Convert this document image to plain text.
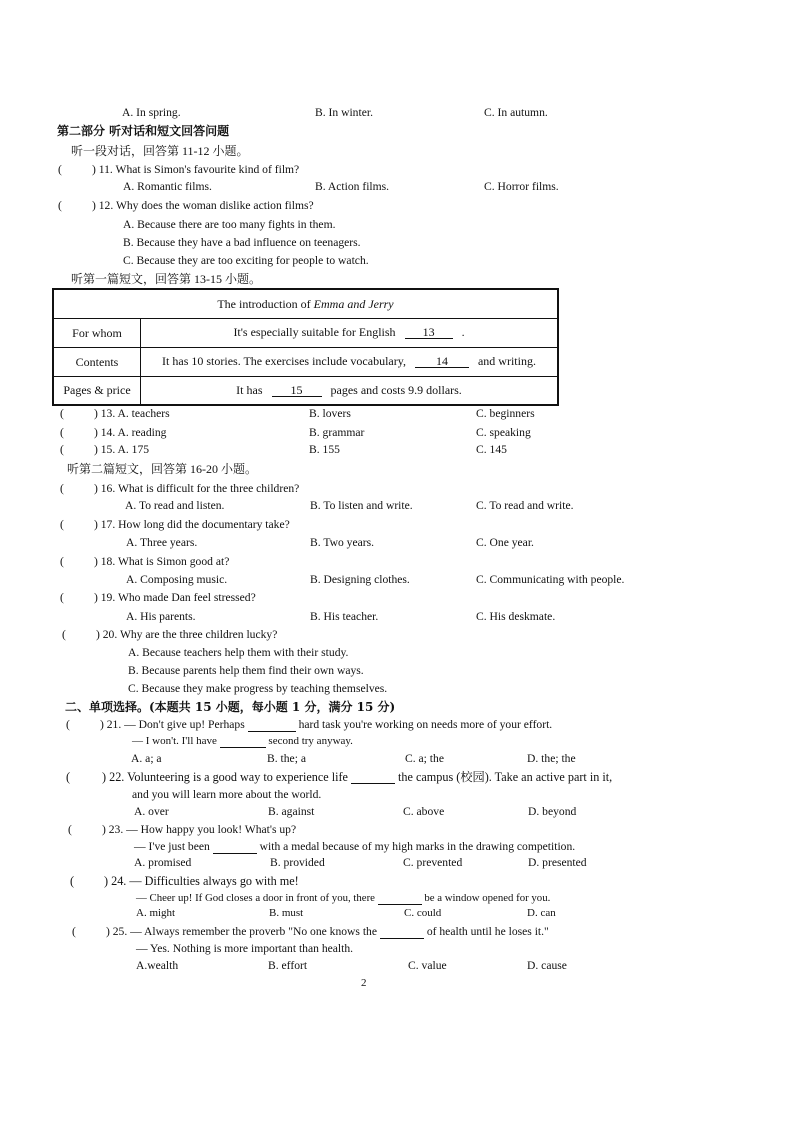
A. In spring.	B. In winter.	C. In autumn.
第二部分 听对话和短文回答问题
听一段对话，回答第 11-12 小题。
(	) 11. What is Simon's favourite kind of film?
A. Romantic films.	B. Action films.	C. Horror films.
(	) 12. Why does the woman dislike action films?
A. Because there are too many fights in them.
B. Because they have a bad influence on teenagers.
C. Because they are too exciting for people to watch.
听第一篇短文，回答第 13-15 小题。
The introduction of Emma and Jerry	
For whom	It's especially suitable for English 13 .
Contents	It has 10 stories. The exercises include vocabulary, 14 and writing.
Pages & price	It has 15 pages and costs 9.9 dollars.
(	) 13. A. teachers	B. lovers	C. beginners
(	) 14. A. reading	B. grammar	C. speaking
(	) 15. A. 175	B. 155	C. 145
听第二篇短文，回答第 16-20 小题。
(	) 16. What is difficult for the three children?
A. To read and listen.	B. To listen and write.	C. To read and write.
(	) 17. How long did the documentary take?
A. Three years.	B. Two years.	C. One year.
(	) 18. What is Simon good at?
A. Composing music.	B. Designing clothes.	C. Communicating with people.
(	) 19. Who made Dan feel stressed?
A. His parents.	B. His teacher.	C. His deskmate.
(	) 20. Why are the three children lucky?
A. Because teachers help them with their study.
B. Because parents help them find their own ways.
C. Because they make progress by teaching themselves.
二、单项选择。(本题共 15 小题，每小题 1 分，满分 15 分)
(	) 21. — Don't give up! Perhaps	hard task you're working on needs more of your effort.
— I won't. I'll have	second try anyway.
A. a; a	B. the; a	C. a; the	D. the; the
(	) 22. Volunteering is a good way to experience life	the campus (校园). Take an active part in it,
and you will learn more about the world.
A. over	B. against	C. above	D. beyond
(	) 23. — How happy you look! What's up?
— I've just been	with a medal because of my high marks in the drawing competition.
A. promised	B. provided	C. prevented	D. presented
( ) 24. — Difficulties always go with me!
— Cheer up! If God closes a door in front of you, there	be a window opened for you.
A. might	B. must	C. could	D. can
(	) 25. — Always remember the proverb "No one knows the	of health until he loses it."
— Yes. Nothing is more important than health.
A.wealth	B. effort	C. value	D. cause
2
